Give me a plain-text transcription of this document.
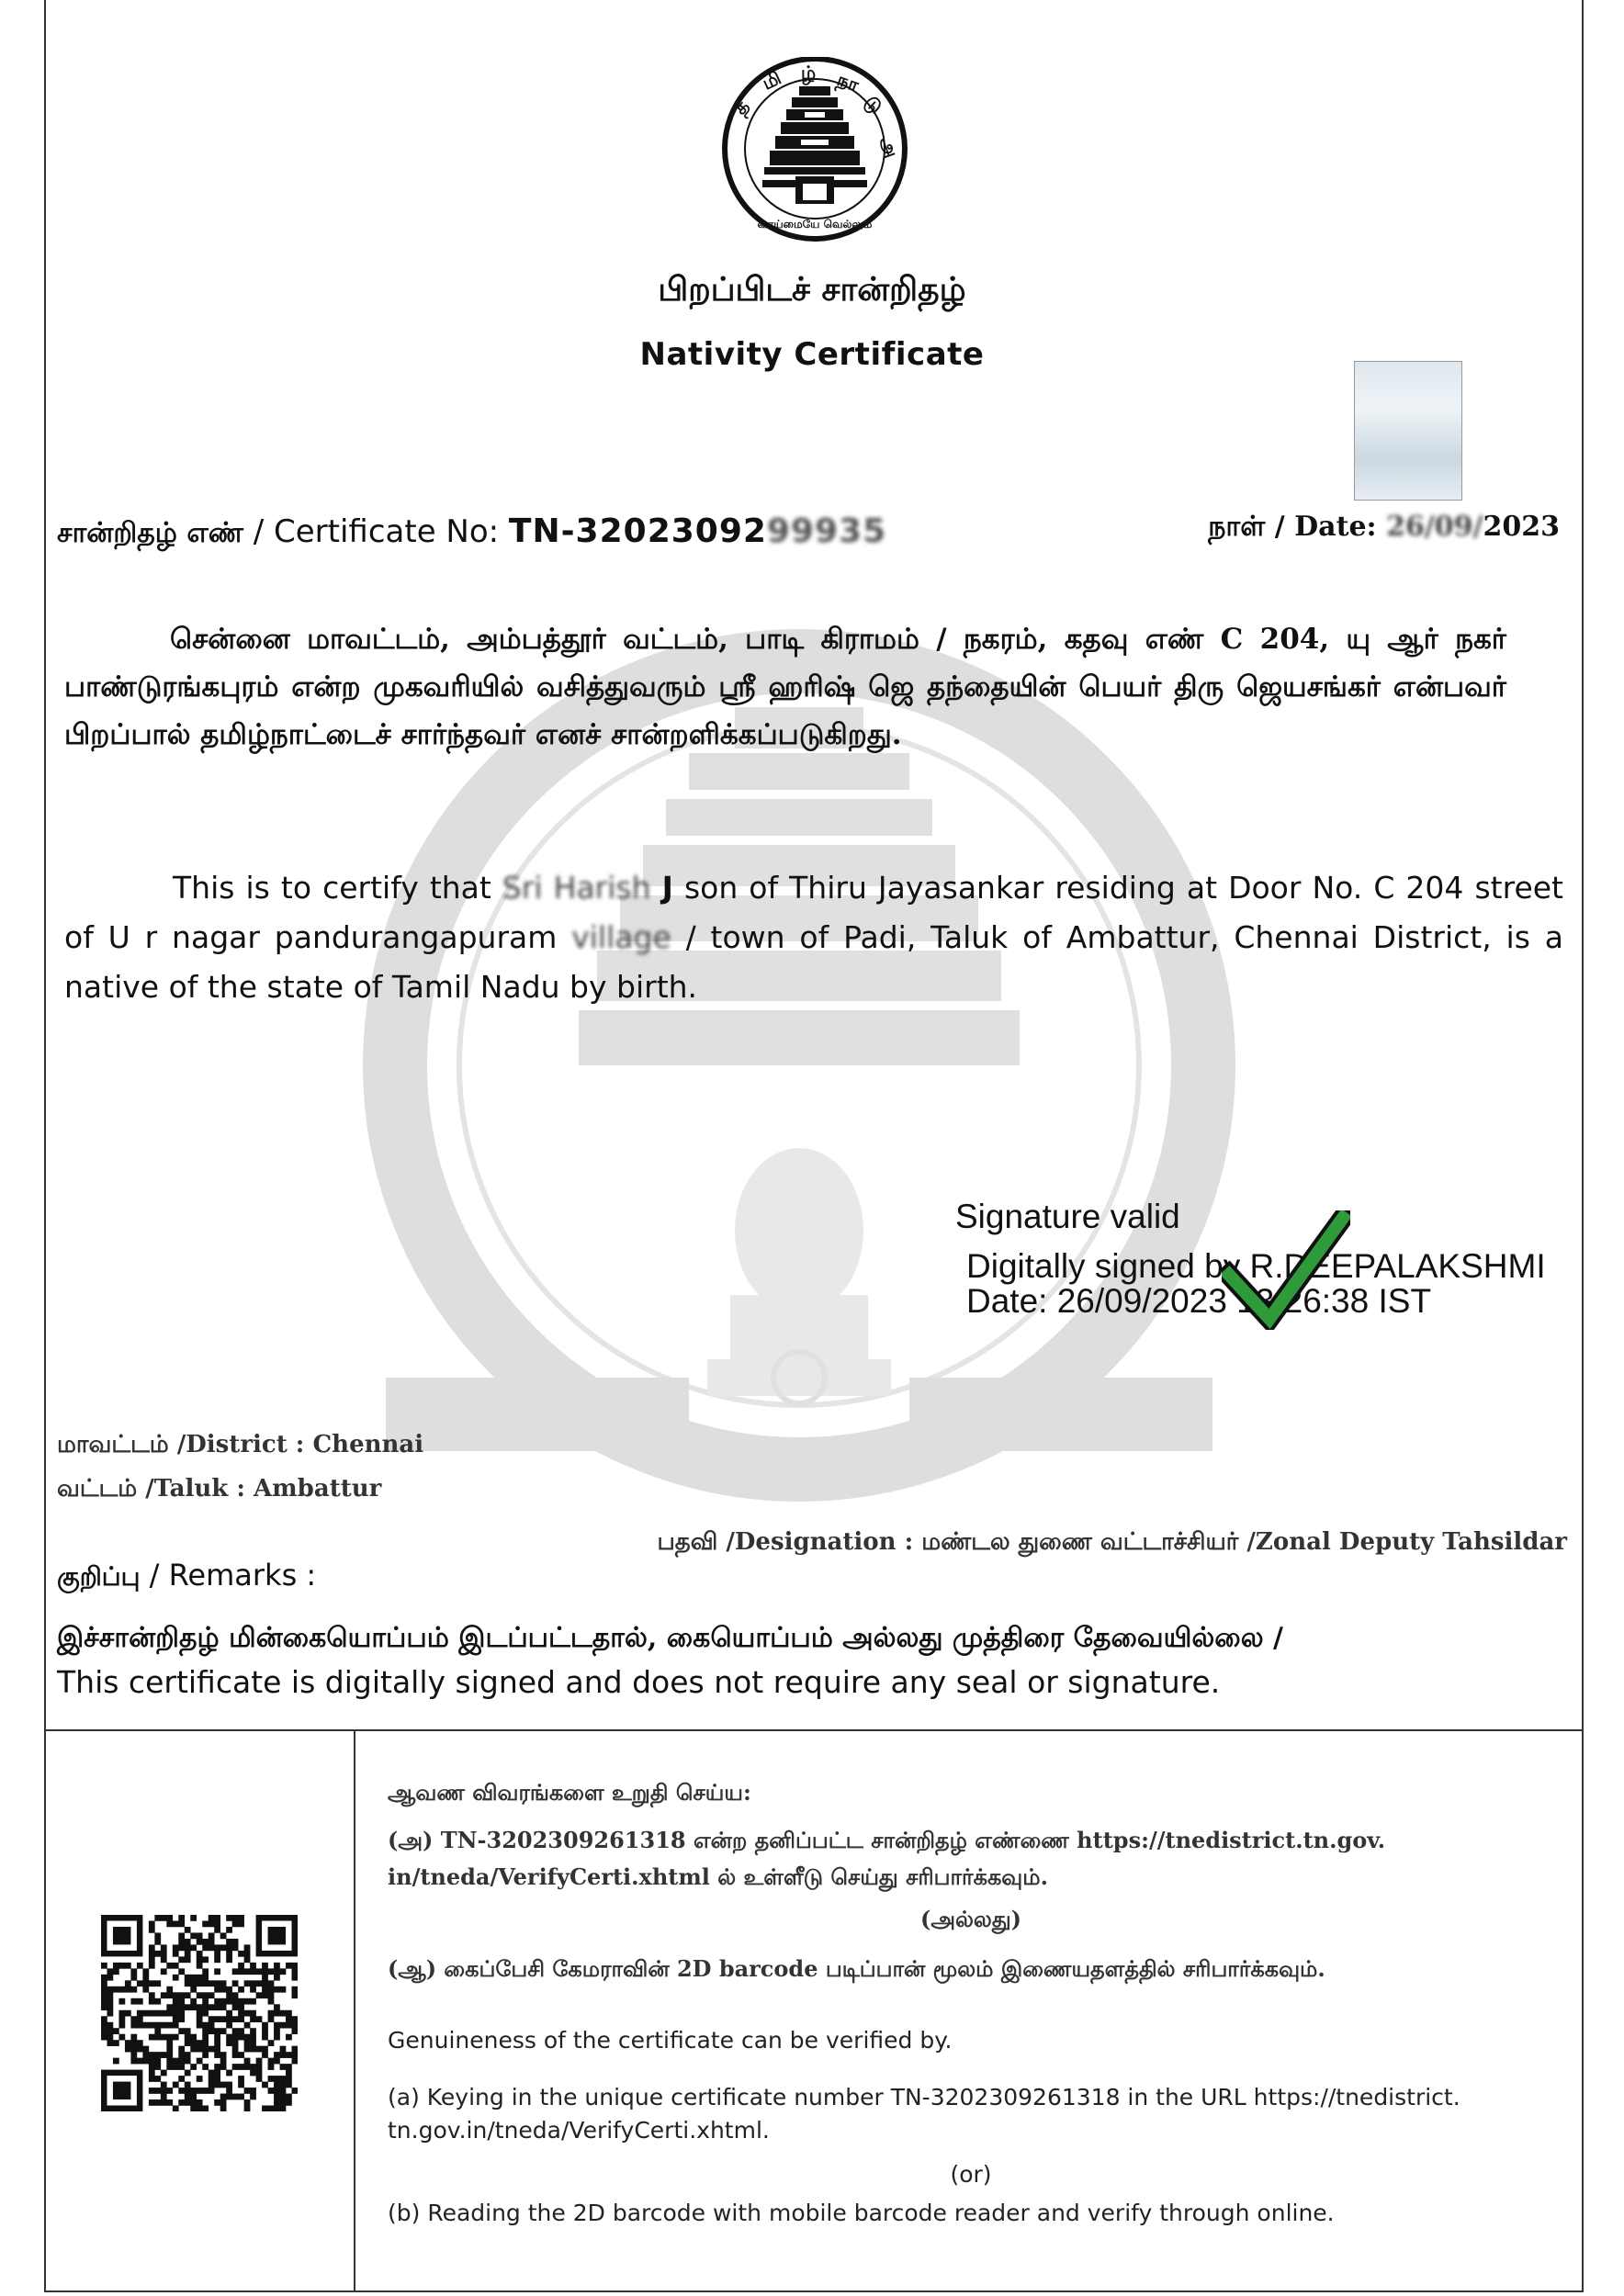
த
மி ழ் நா
டு
அ
வாய்மையே வெல்லும்
பிறப்பிடச் சான்றிதழ்
Nativity Certificate
சான்றிதழ் எண் / Certificate No: TN-3202309299935	நாள் / Date: 26/09/2023
சென்னை மாவட்டம், அம்பத்தூர் வட்டம், பாடி கிராமம் / நகரம், கதவு எண் C 204, யு ஆர் நகர் பாண்டுரங்கபுரம் என்ற முகவரியில் வசித்துவரும் ஸ்ரீ ஹரிஷ் ஜெ தந்தையின் பெயர் திரு ஜெயசங்கர் என்பவர் பிறப்பால் தமிழ்நாட்டைச் சார்ந்தவர் எனச் சான்றளிக்கப்படுகிறது.
This is to certify that Sri Harish J son of Thiru Jayasankar residing at Door No. C 204 street of U r nagar pandurangapuram village / town of Padi, Taluk of Ambattur, Chennai District, is a native of the state of Tamil Nadu by birth.
Signature valid
Digitally signed by R.DEEPALAKSHMI
Date: 26/09/2023 13:26:38 IST
மாவட்டம் /District : Chennai
வட்டம் /Taluk : Ambattur
பதவி /Designation : மண்டல துணை வட்டாச்சியர் /Zonal Deputy Tahsildar
குறிப்பு / Remarks :
இச்சான்றிதழ் மின்கையொப்பம் இடப்பட்டதால், கையொப்பம் அல்லது முத்திரை தேவையில்லை /
This certificate is digitally signed and does not require any seal or signature.
ஆவண விவரங்களை உறுதி செய்ய:
(அ) TN-3202309261318 என்ற தனிப்பட்ட சான்றிதழ் எண்ணை https://tnedistrict.tn.gov. in/tneda/VerifyCerti.xhtml ல் உள்ளீடு செய்து சரிபார்க்கவும்.
(அல்லது)
(ஆ) கைப்பேசி கேமராவின் 2D barcode படிப்பான் மூலம் இணையதளத்தில் சரிபார்க்கவும்.
Genuineness of the certificate can be verified by.
(a) Keying in the unique certificate number TN-3202309261318 in the URL https://tnedistrict. tn.gov.in/tneda/VerifyCerti.xhtml.
(or)
(b) Reading the 2D barcode with mobile barcode reader and verify through online.
